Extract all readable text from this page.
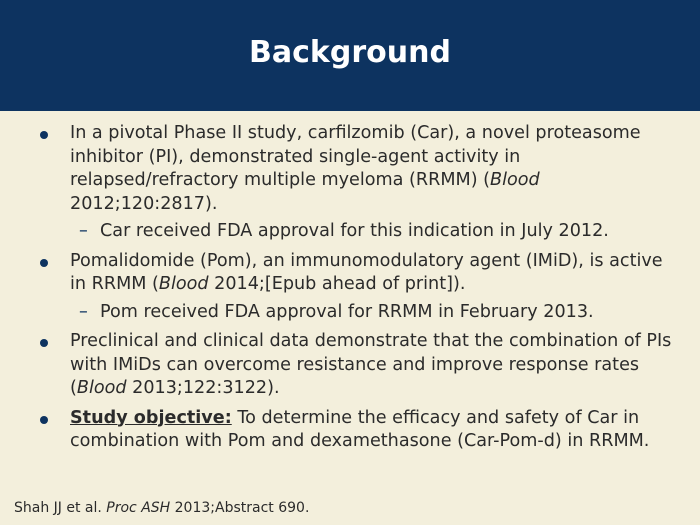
Background
In a pivotal Phase II study, carfilzomib (Car), a novel proteasome inhibitor (PI), demonstrated single-agent activity in relapsed/refractory multiple myeloma (RRMM) (Blood 2012;120:2817).
– Car received FDA approval for this indication in July 2012.
Pomalidomide (Pom), an immunomodulatory agent (IMiD), is active in RRMM (Blood 2014;[Epub ahead of print]).
– Pom received FDA approval for RRMM in February 2013.
Preclinical and clinical data demonstrate that the combination of PIs with IMiDs can overcome resistance and improve response rates (Blood 2013;122:3122).
Study objective: To determine the efficacy and safety of Car in combination with Pom and dexamethasone (Car-Pom-d) in RRMM.
Shah JJ et al. Proc ASH 2013;Abstract 690.
